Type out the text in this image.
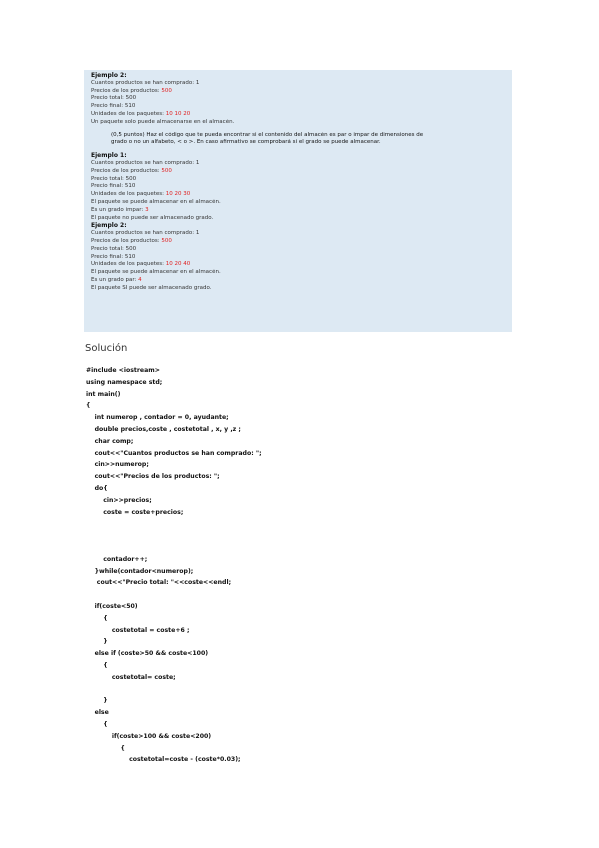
Ejemplo 2:
Cuantos productos se han comprado: 1
Precios de los productos: 500
Precio total: 500
Precio final: 510
Unidades de los paquetes: 10 10 20
Un paquete solo puede almacenarse en el almacén.
(0,5 puntos) Haz el código que te pueda encontrar si el contenido del almacén es par o impar de dimensiones de
grado o no un alfabeto, < o >. En caso afirmativo se comprobará si el grado se puede almacenar.
Ejemplo 1:
Cuantos productos se han comprado: 1
Precios de los productos: 500
Precio total: 500
Precio final: 510
Unidades de los paquetes: 10 20 30
El paquete se puede almacenar en el almacén.
Es un grado impar: 3
El paquete no puede ser almacenado grado.
Ejemplo 2:
Cuantos productos se han comprado: 1
Precios de los productos: 500
Precio total: 500
Precio final: 510
Unidades de los paquetes: 10 20 40
El paquete se puede almacenar en el almacén.
Es un grado par: 4
El paquete SÍ puede ser almacenado grado.
Solución
#include <iostream>
using namespace std;
int main()
{
int numerop , contador = 0, ayudante;
double precios,coste , costetotal , x, y ,z ;
char comp;
cout<<"Cuantos productos se han comprado: ";
cin>>numerop;
cout<<"Precios de los productos: ";
do{
cin>>precios;
coste = coste+precios;
contador++;
}while(contador<numerop);
cout<<"Precio total: "<<coste<<endl;
if(coste<50)
{
costetotal = coste+6 ;
}
else if (coste>50 && coste<100)
{
costetotal= coste;
}
else
{
if(coste>100 && coste<200)
{
costetotal=coste - (coste*0.03);
